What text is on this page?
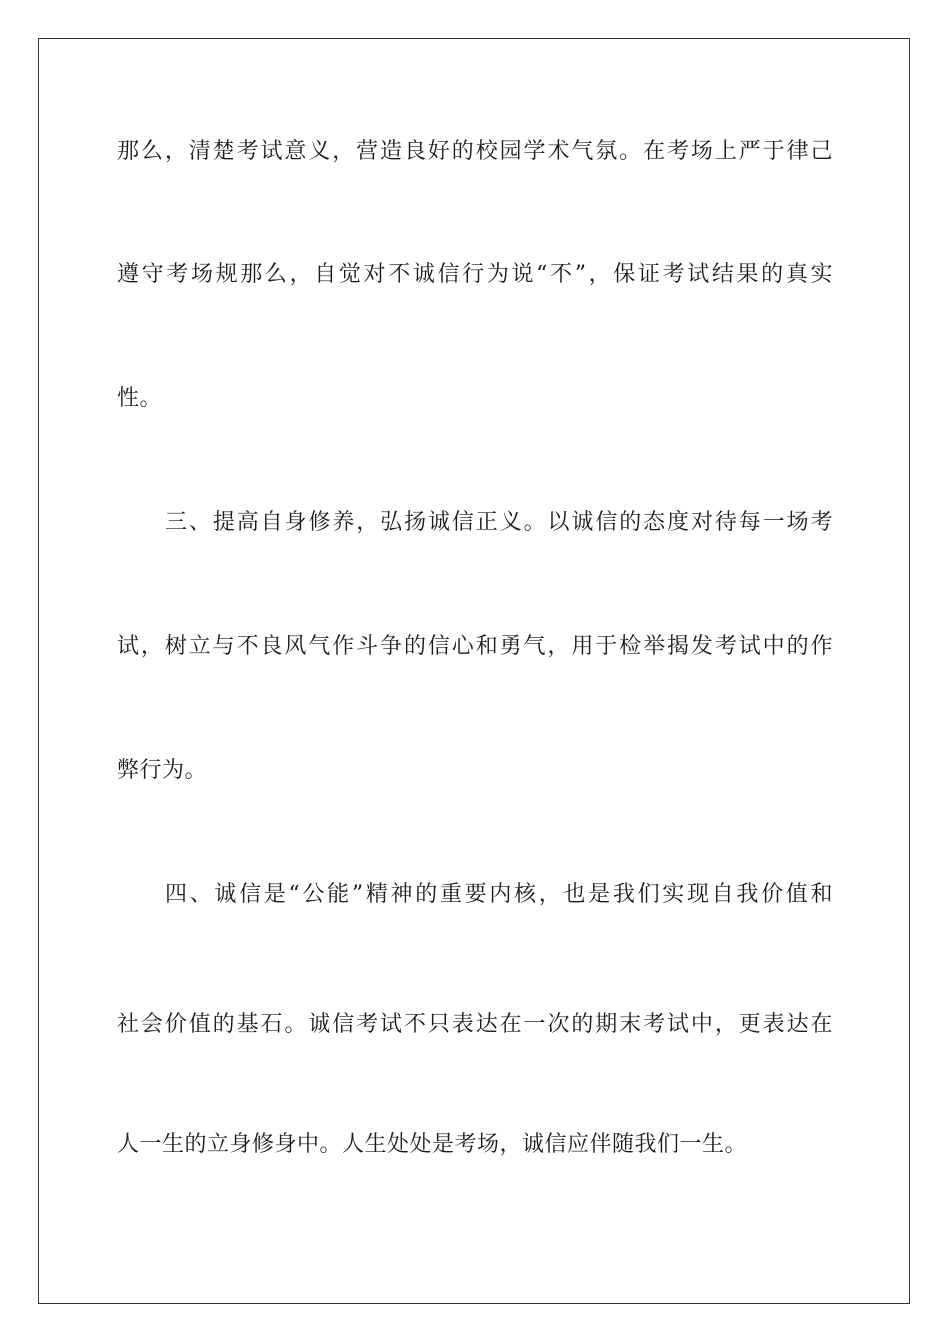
那么，清楚考试意义，营造良好的校园学术气氛。在考场上严于律己
遵守考场规那么，自觉对不诚信行为说“不”，保证考试结果的真实
性。
三、提高自身修养，弘扬诚信正义。以诚信的态度对待每一场考
试，树立与不良风气作斗争的信心和勇气，用于检举揭发考试中的作
弊行为。
四、诚信是“公能”精神的重要内核，也是我们实现自我价值和
社会价值的基石。诚信考试不只表达在一次的期末考试中，更表达在
人一生的立身修身中。人生处处是考场，诚信应伴随我们一生。
